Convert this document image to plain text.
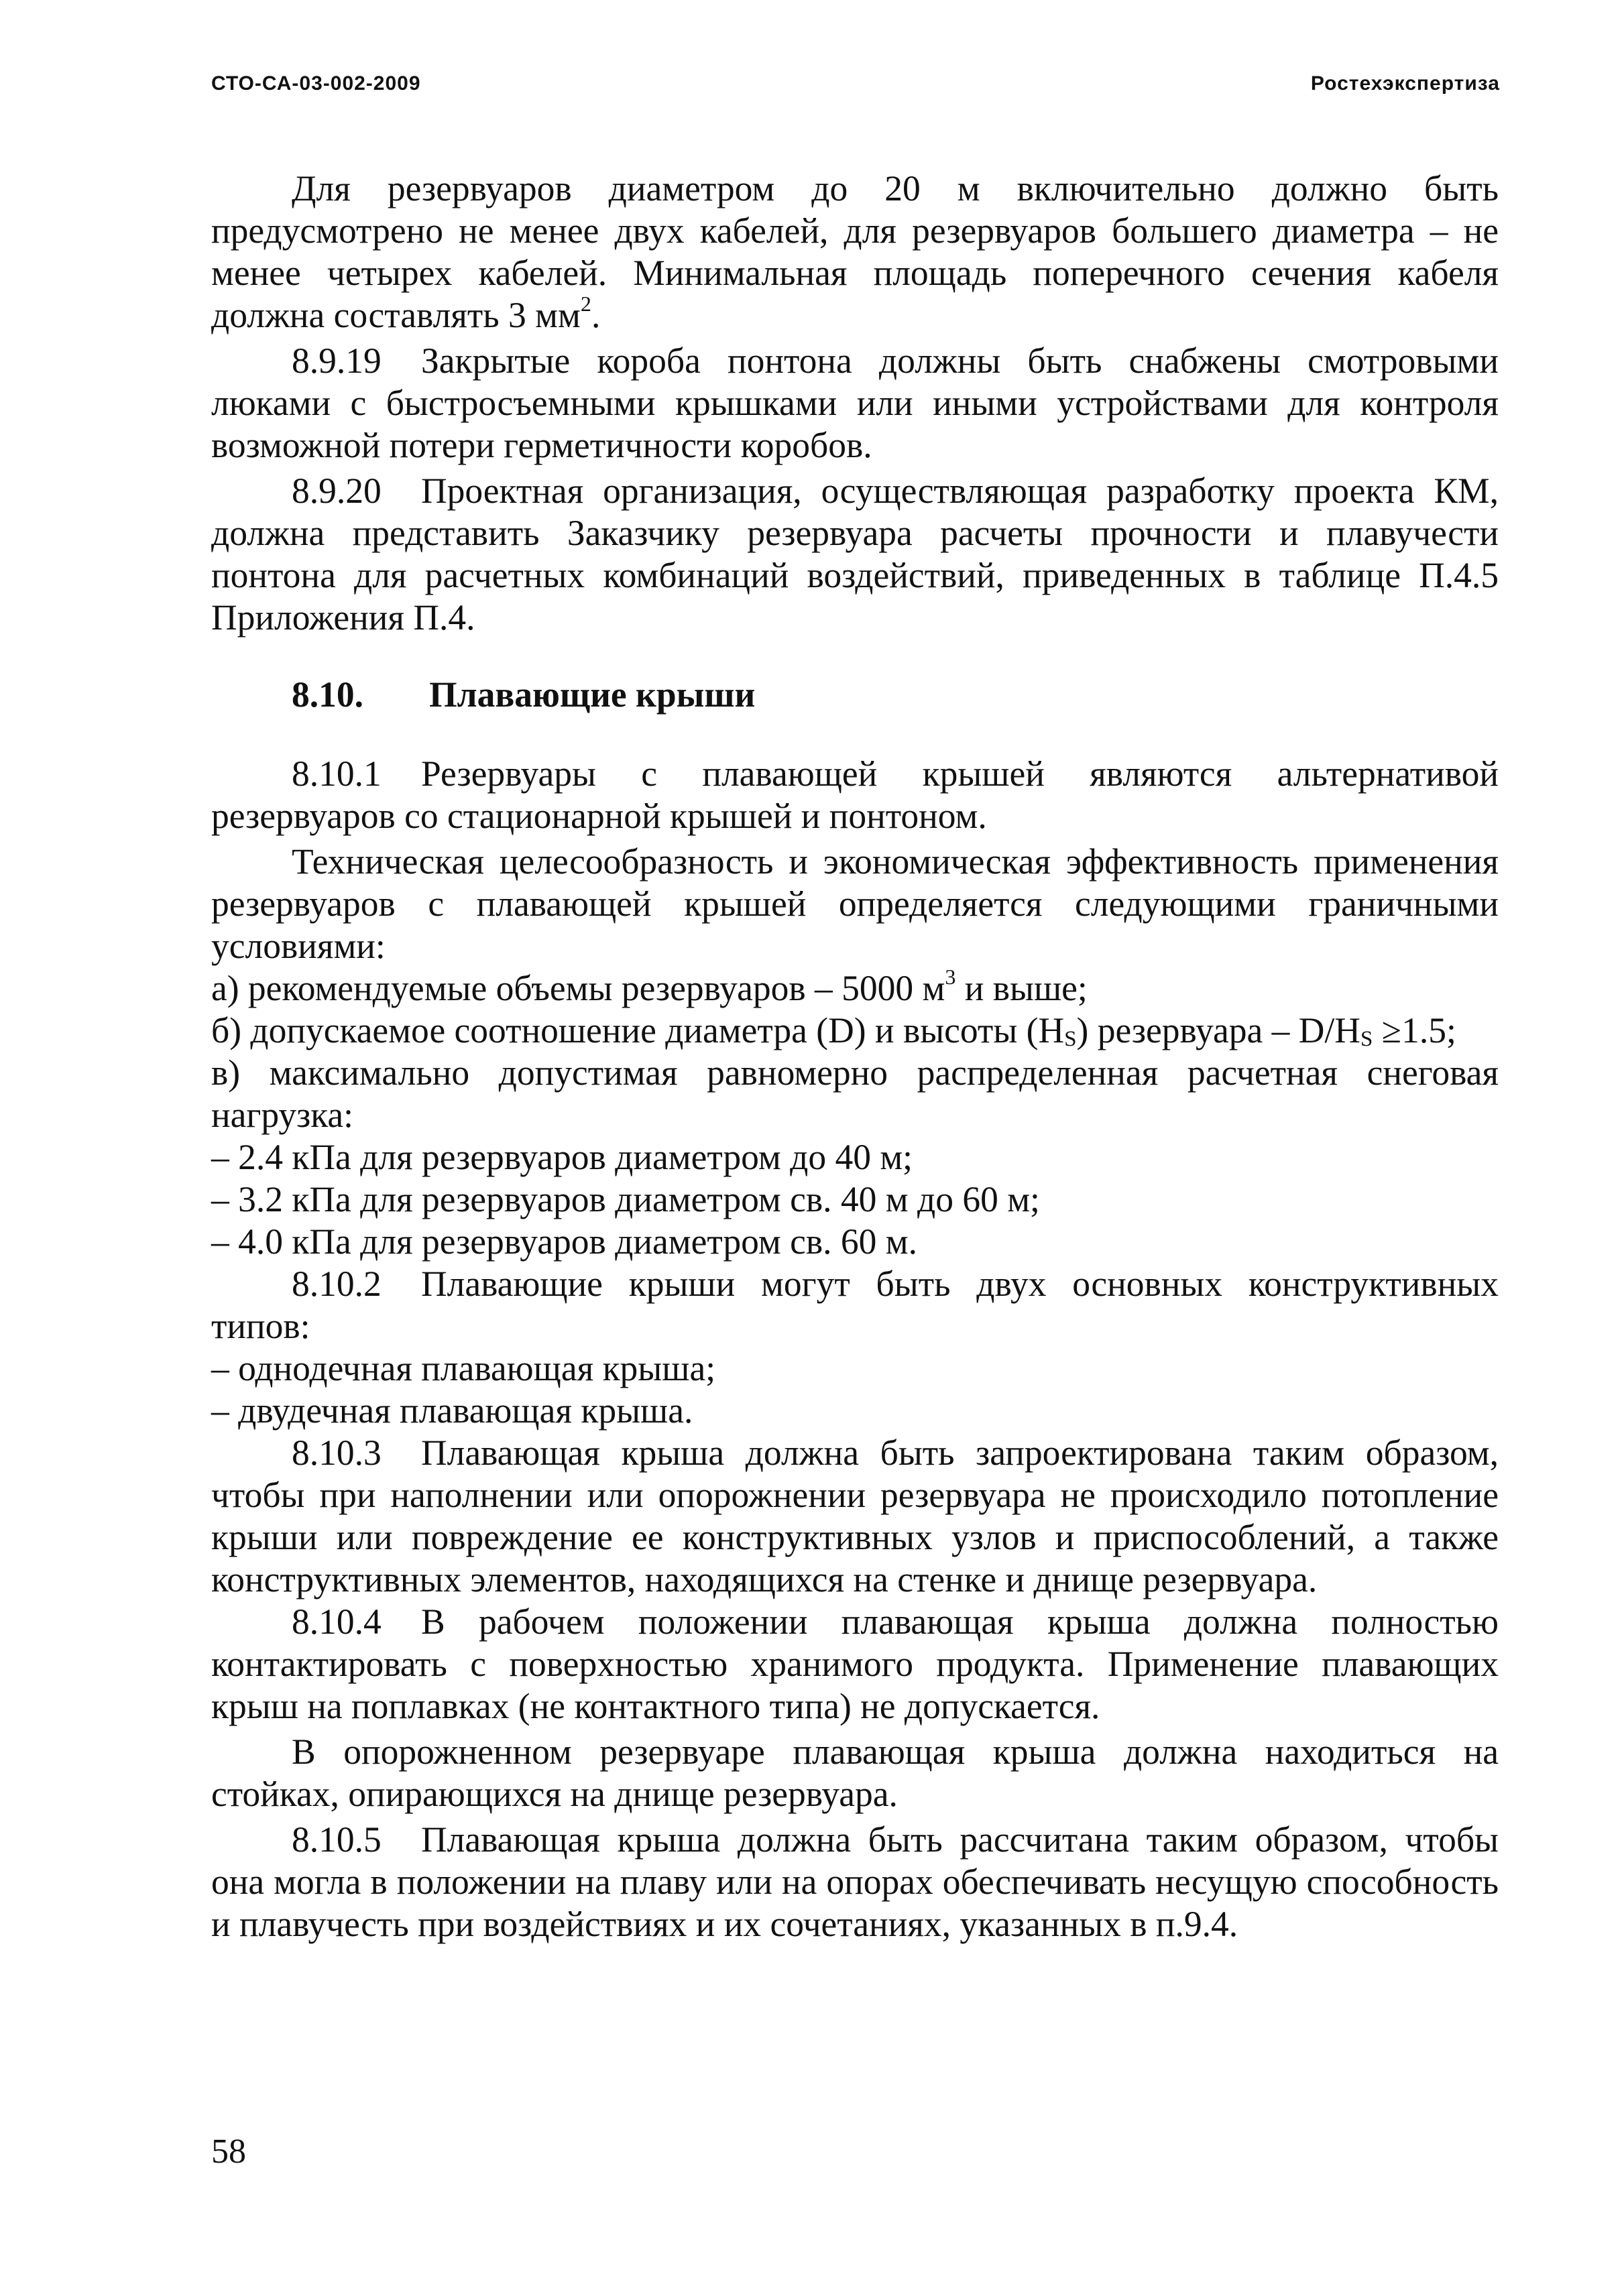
СТО-СА-03-002-2009	Ростехэкспертиза

Для резервуаров диаметром до 20 м включительно должно быть предусмотрено не менее двух кабелей, для резервуаров большего диаметра – не менее четырех кабелей. Минимальная площадь поперечного сечения кабеля должна составлять 3 $мм^2$.

8.9.19 Закрытые короба понтона должны быть снабжены смотровыми люками с быстросъемными крышками или иными устройствами для контроля возможной потери герметичности коробов.

8.9.20 Проектная организация, осуществляющая разработку проекта КМ, должна представить Заказчику резервуара расчеты прочности и плавучести понтона для расчетных комбинаций воздействий, приведенных в таблице П.4.5 Приложения П.4.

8.10. Плавающие крыши

8.10.1 Резервуары с плавающей крышей являются альтернативой резервуаров со стационарной крышей и понтоном.

Техническая целесообразность и экономическая эффективность применения резервуаров с плавающей крышей определяется следующими граничными условиями:

а) рекомендуемые объемы резервуаров – 5000 $м^3$ и выше;

б) допускаемое соотношение диаметра (D) и высоты $(H_S)$ резервуара – $D/H_S \ge 1.5$;

в) максимально допустимая равномерно распределенная расчетная снеговая нагрузка:

– 2.4 кПа для резервуаров диаметром до 40 м;

– 3.2 кПа для резервуаров диаметром св. 40 м до 60 м;

– 4.0 кПа для резервуаров диаметром св. 60 м.

8.10.2 Плавающие крыши могут быть двух основных конструктивных типов:

– однодечная плавающая крыша;

– двудечная плавающая крыша.

8.10.3 Плавающая крыша должна быть запроектирована таким образом, чтобы при наполнении или опорожнении резервуара не происходило потопление крыши или повреждение ее конструктивных узлов и приспособлений, а также конструктивных элементов, находящихся на стенке и днище резервуара.

8.10.4 В рабочем положении плавающая крыша должна полностью контактировать с поверхностью хранимого продукта. Применение плавающих крыш на поплавках (не контактного типа) не допускается.

В опорожненном резервуаре плавающая крыша должна находиться на стойках, опирающихся на днище резервуара.

8.10.5 Плавающая крыша должна быть рассчитана таким образом, чтобы она могла в положении на плаву или на опорах обеспечивать несущую способность и плавучесть при воздействиях и их сочетаниях, указанных в п.9.4.

58
